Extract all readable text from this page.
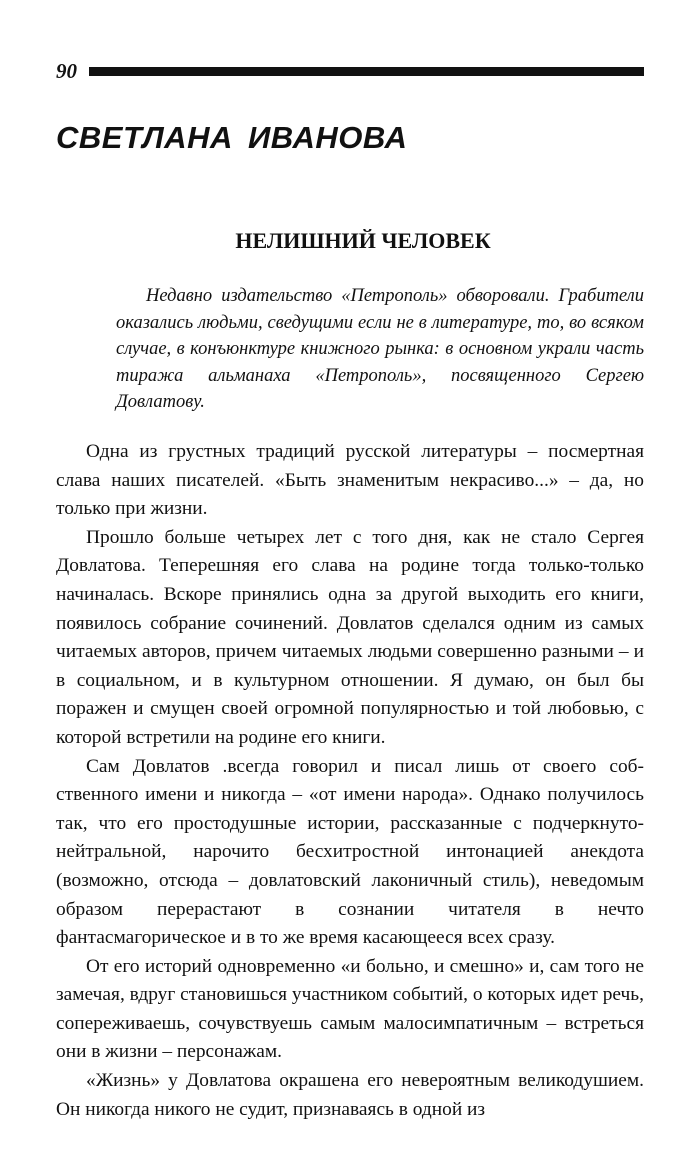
90
СВЕТЛАНА ИВАНОВА
НЕЛИШНИЙ ЧЕЛОВЕК
Недавно издательство «Петрополь» обворовали. Грабители оказались людьми, сведущими если не в литературе, то, во всяком случае, в конъюнктуре книжного рынка: в основном украли часть тиража альманаха «Петрополь», посвященного Сергею Довлатову.

Одна из грустных традиций русской литературы – посмертная слава наших писателей. «Быть знаменитым некрасиво...» – да, но только при жизни.

Прошло больше четырех лет с того дня, как не стало Сергея Довлатова. Теперешняя его слава на родине тогда только-только начиналась. Вскоре принялись одна за другой выходить его книги, появилось собрание сочинений. Довлатов сделался одним из самых читаемых авторов, причем читаемых людьми совершенно разными – и в социальном, и в культурном отношении. Я думаю, он был бы поражен и смущен своей огромной популярностью и той любовью, с которой встретили на родине его книги.

Сам Довлатов .всегда говорил и писал лишь от своего собственного имени и никогда – «от имени народа». Однако получилось так, что его простодушные истории, рассказанные с подчеркнуто-нейтральной, нарочито бесхитростной интонацией анекдота (возможно, отсюда – довлатовский лаконичный стиль), неведомым образом перерастают в сознании читателя в нечто фантасмагорическое и в то же время касающееся всех сразу.

От его историй одновременно «и больно, и смешно» и, сам того не замечая, вдруг становишься участником событий, о которых идет речь, сопереживаешь, сочувствуешь самым малосимпатичным – встреться они в жизни – персонажам.

«Жизнь» у Довлатова окрашена его невероятным великодушием. Он никогда никого не судит, признаваясь в одной из
